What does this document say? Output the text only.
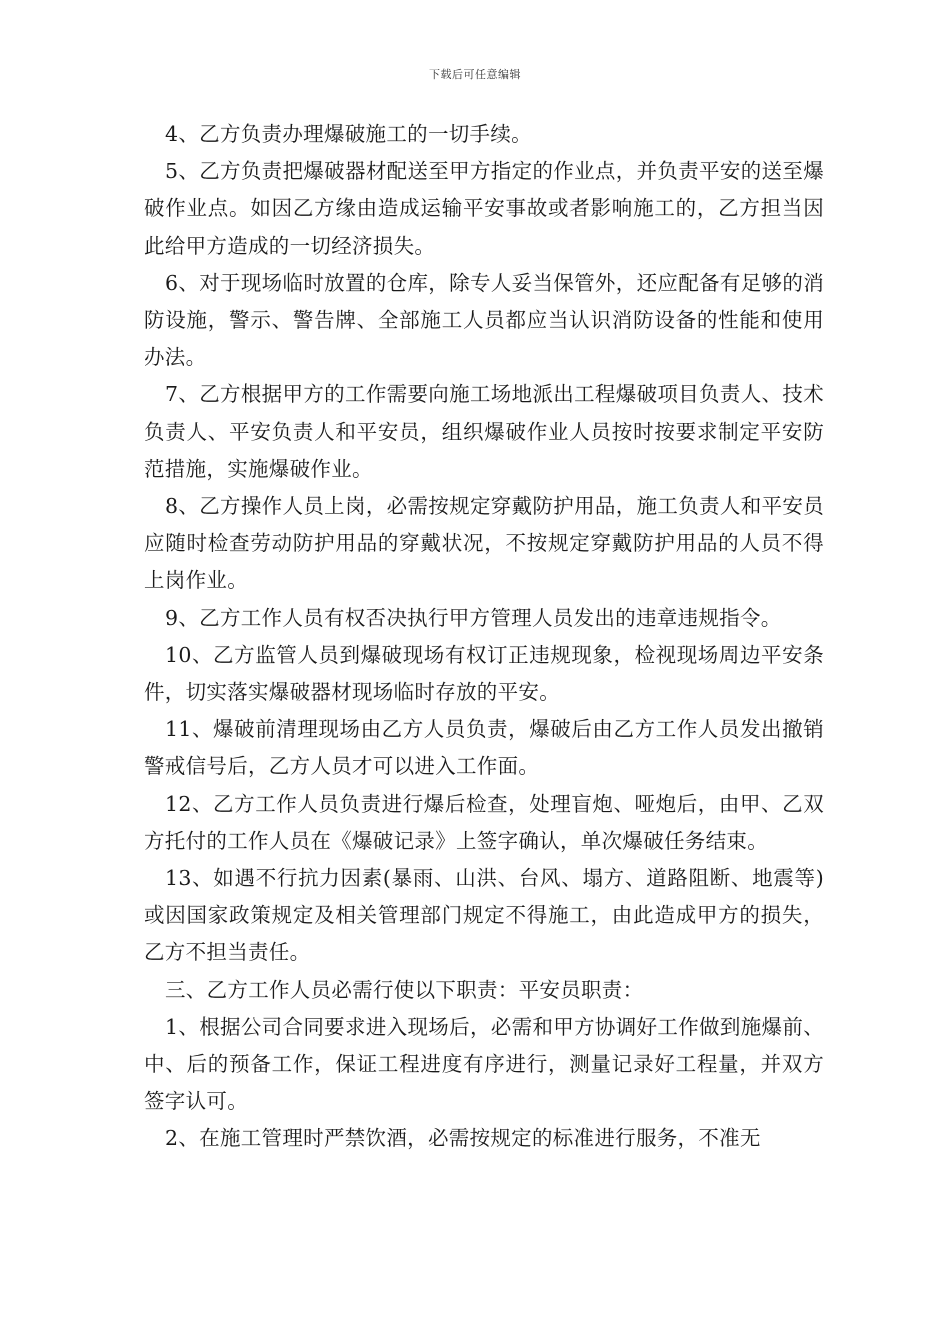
下载后可任意编辑

4、乙方负责办理爆破施工的一切手续。

5、乙方负责把爆破器材配送至甲方指定的作业点，并负责平安的送至爆破作业点。如因乙方缘由造成运输平安事故或者影响施工的，乙方担当因此给甲方造成的一切经济损失。

6、对于现场临时放置的仓库，除专人妥当保管外，还应配备有足够的消防设施，警示、警告牌、全部施工人员都应当认识消防设备的性能和使用办法。

7、乙方根据甲方的工作需要向施工场地派出工程爆破项目负责人、技术负责人、平安负责人和平安员，组织爆破作业人员按时按要求制定平安防范措施，实施爆破作业。

8、乙方操作人员上岗，必需按规定穿戴防护用品，施工负责人和平安员应随时检查劳动防护用品的穿戴状况，不按规定穿戴防护用品的人员不得上岗作业。

9、乙方工作人员有权否决执行甲方管理人员发出的违章违规指令。

10、乙方监管人员到爆破现场有权订正违规现象，检视现场周边平安条件，切实落实爆破器材现场临时存放的平安。

11、爆破前清理现场由乙方人员负责，爆破后由乙方工作人员发出撤销警戒信号后，乙方人员才可以进入工作面。

12、乙方工作人员负责进行爆后检查，处理盲炮、哑炮后，由甲、乙双方托付的工作人员在《爆破记录》上签字确认，单次爆破任务结束。

13、如遇不行抗力因素(暴雨、山洪、台风、塌方、道路阻断、地震等)或因国家政策规定及相关管理部门规定不得施工，由此造成甲方的损失，乙方不担当责任。

三、乙方工作人员必需行使以下职责：平安员职责：

1、根据公司合同要求进入现场后，必需和甲方协调好工作做到施爆前、中、后的预备工作，保证工程进度有序进行，测量记录好工程量，并双方签字认可。

2、在施工管理时严禁饮酒，必需按规定的标准进行服务，不准无
